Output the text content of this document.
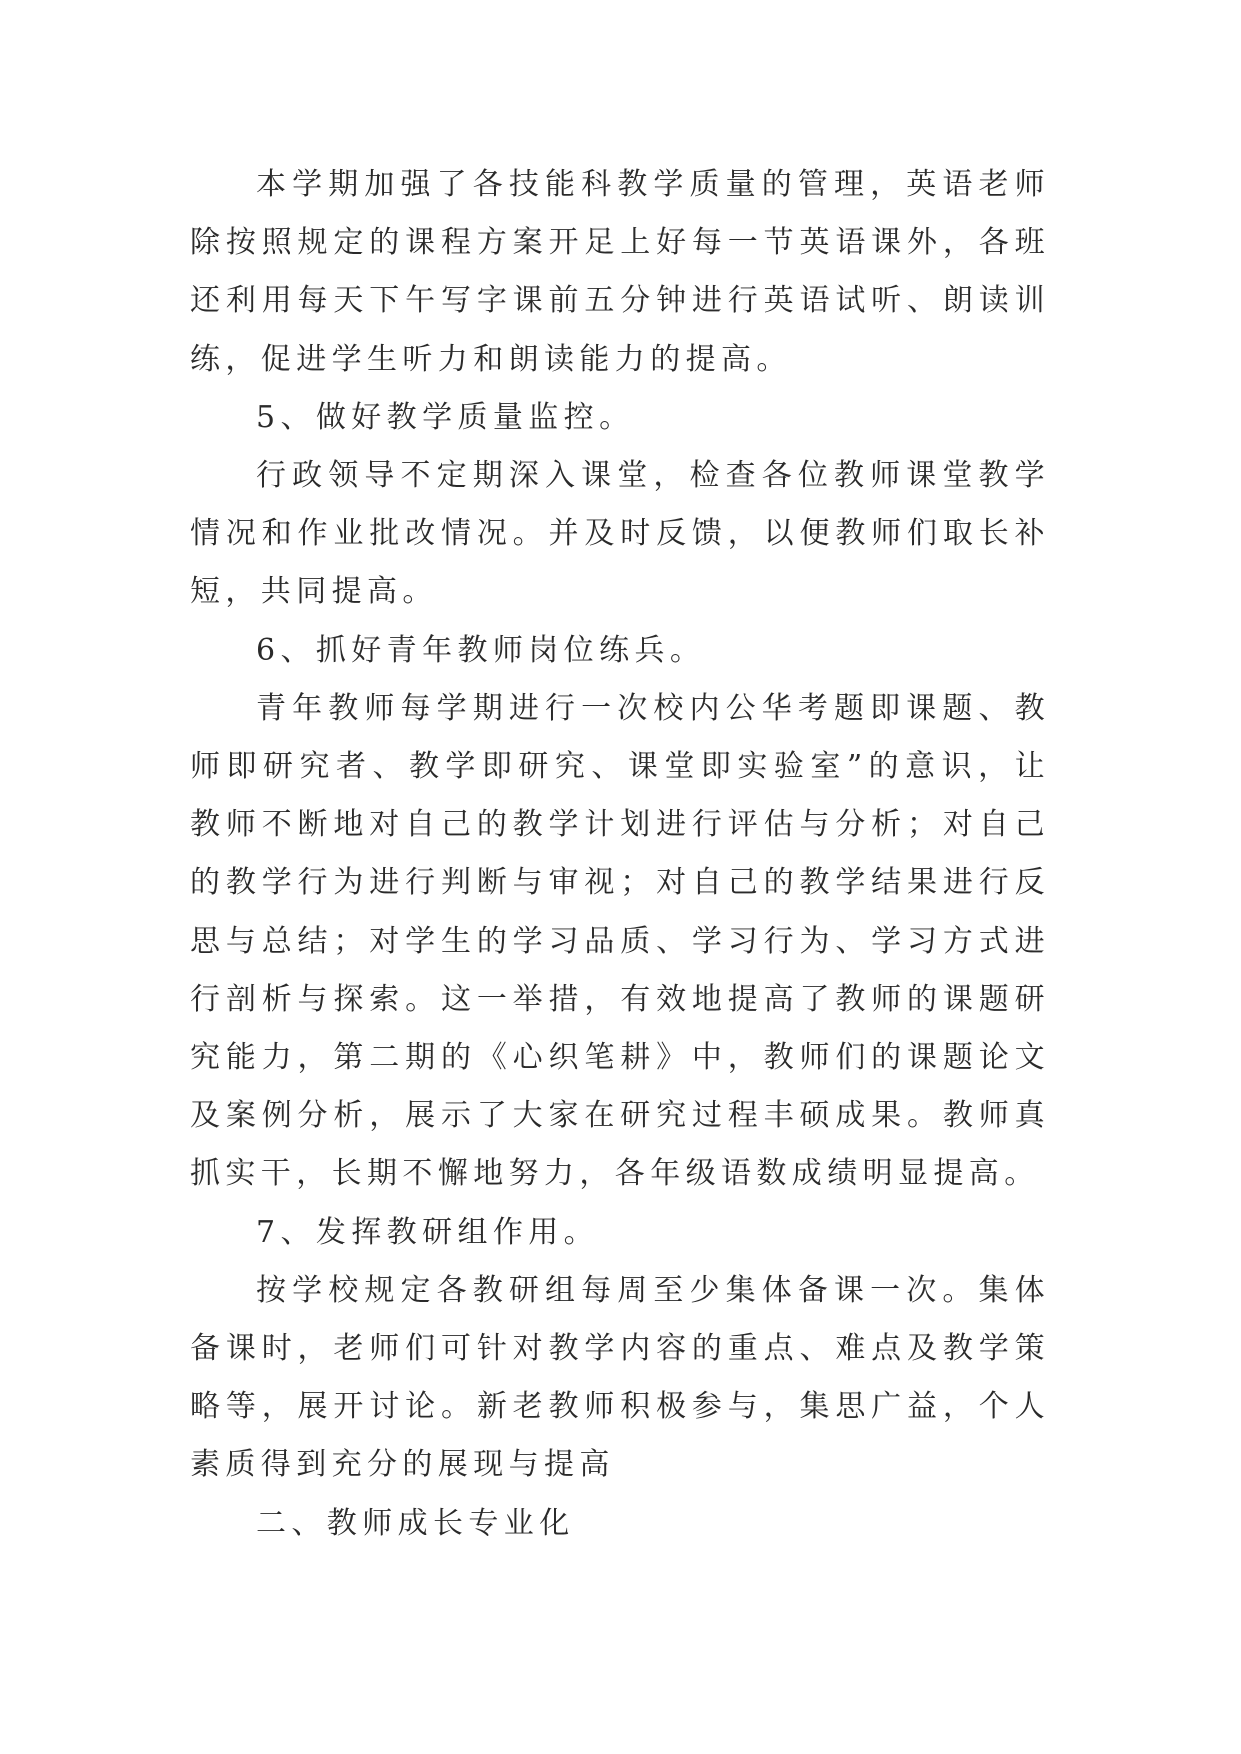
本学期加强了各技能科教学质量的管理，英语老师除按照规定的课程方案开足上好每一节英语课外，各班还利用每天下午写字课前五分钟进行英语试听、朗读训练，促进学生听力和朗读能力的提高。

5、做好教学质量监控。

行政领导不定期深入课堂，检查各位教师课堂教学情况和作业批改情况。并及时反馈，以便教师们取长补短，共同提高。

6、抓好青年教师岗位练兵。

青年教师每学期进行一次校内公华考题即课题、教师即研究者、教学即研究、课堂即实验室”的意识，让教师不断地对自己的教学计划进行评估与分析；对自己的教学行为进行判断与审视；对自己的教学结果进行反思与总结；对学生的学习品质、学习行为、学习方式进行剖析与探索。这一举措，有效地提高了教师的课题研究能力，第二期的《心织笔耕》中，教师们的课题论文及案例分析，展示了大家在研究过程丰硕成果。教师真抓实干，长期不懈地努力，各年级语数成绩明显提高。

7、发挥教研组作用。

按学校规定各教研组每周至少集体备课一次。集体备课时，老师们可针对教学内容的重点、难点及教学策略等，展开讨论。新老教师积极参与，集思广益，个人素质得到充分的展现与提高

二、教师成长专业化
